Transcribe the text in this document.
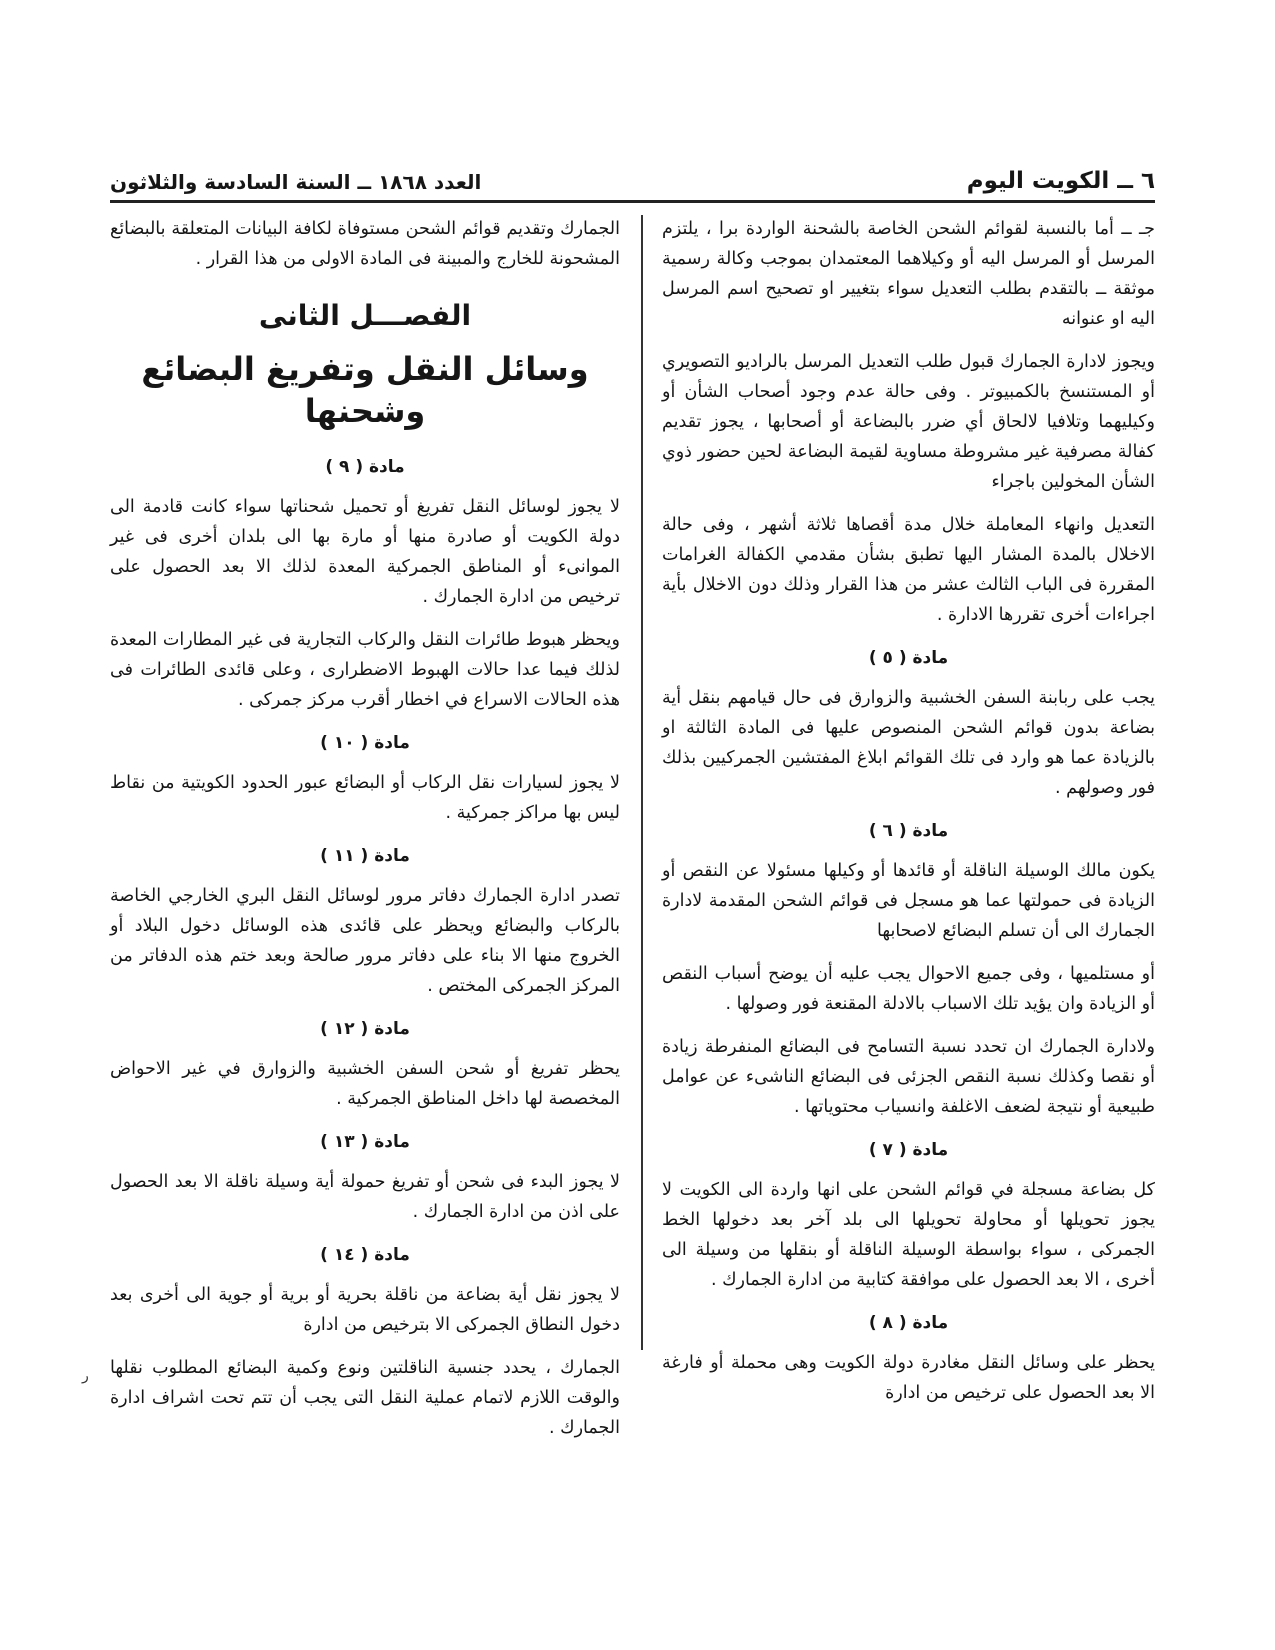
٦ ــ الكويت اليوم
العدد ١٨٦٨ ــ السنة السادسة والثلاثون

جـ ــ أما بالنسبة لقوائم الشحن الخاصة بالشحنة الواردة برا ، يلتزم المرسل أو المرسل اليه أو وكيلاهما المعتمدان بموجب وكالة رسمية موثقة ــ بالتقدم بطلب التعديل سواء بتغيير او تصحيح اسم المرسل اليه او عنوانه

ويجوز لادارة الجمارك قبول طلب التعديل المرسل بالراديو التصويري أو المستنسخ بالكمبيوتر . وفى حالة عدم وجود أصحاب الشأن أو وكيليهما وتلافيا لالحاق أي ضرر بالبضاعة أو أصحابها ، يجوز تقديم كفالة مصرفية غير مشروطة مساوية لقيمة البضاعة لحين حضور ذوي الشأن المخولين باجراء

التعديل وانهاء المعاملة خلال مدة أقصاها ثلاثة أشهر ، وفى حالة الاخلال بالمدة المشار اليها تطبق بشأن مقدمي الكفالة الغرامات المقررة فى الباب الثالث عشر من هذا القرار وذلك دون الاخلال بأية اجراءات أخرى تقررها الادارة .

مادة ( ٥ )

يجب على ربابنة السفن الخشبية والزوارق فى حال قيامهم بنقل أية بضاعة بدون قوائم الشحن المنصوص عليها فى المادة الثالثة او بالزيادة عما هو وارد فى تلك القوائم ابلاغ المفتشين الجمركيين بذلك فور وصولهم .

مادة ( ٦ )

يكون مالك الوسيلة الناقلة أو قائدها أو وكيلها مسئولا عن النقص أو الزيادة فى حمولتها عما هو مسجل فى قوائم الشحن المقدمة لادارة الجمارك الى أن تسلم البضائع لاصحابها

أو مستلميها ، وفى جميع الاحوال يجب عليه أن يوضح أسباب النقص أو الزيادة وان يؤيد تلك الاسباب بالادلة المقنعة فور وصولها .

ولادارة الجمارك ان تحدد نسبة التسامح فى البضائع المنفرطة زيادة أو نقصا وكذلك نسبة النقص الجزئى فى البضائع الناشىء عن عوامل طبيعية أو نتيجة لضعف الاغلفة وانسياب محتوياتها .

مادة ( ٧ )

كل بضاعة مسجلة في قوائم الشحن على انها واردة الى الكويت لا يجوز تحويلها أو محاولة تحويلها الى بلد آخر بعد دخولها الخط الجمركى ، سواء بواسطة الوسيلة الناقلة أو بنقلها من وسيلة الى أخرى ، الا بعد الحصول على موافقة كتابية من ادارة الجمارك .

مادة ( ٨ )

يحظر على وسائل النقل مغادرة دولة الكويت وهى محملة أو فارغة الا بعد الحصول على ترخيص من ادارة

الجمارك وتقديم قوائم الشحن مستوفاة لكافة البيانات المتعلقة بالبضائع المشحونة للخارج والمبينة فى المادة الاولى من هذا القرار .

الفصـــل الثانى
وسائل النقل وتفريغ البضائع وشحنها
مادة ( ٩ )

لا يجوز لوسائل النقل تفريغ أو تحميل شحناتها سواء كانت قادمة الى دولة الكويت أو صادرة منها أو مارة بها الى بلدان أخرى فى غير الموانىء أو المناطق الجمركية المعدة لذلك الا بعد الحصول على ترخيص من ادارة الجمارك .

ويحظر هبوط طائرات النقل والركاب التجارية فى غير المطارات المعدة لذلك فيما عدا حالات الهبوط الاضطرارى ، وعلى قائدى الطائرات فى هذه الحالات الاسراع في اخطار أقرب مركز جمركى .

مادة ( ١٠ )

لا يجوز لسيارات نقل الركاب أو البضائع عبور الحدود الكويتية من نقاط ليس بها مراكز جمركية .

مادة ( ١١ )

تصدر ادارة الجمارك دفاتر مرور لوسائل النقل البري الخارجي الخاصة بالركاب والبضائع ويحظر على قائدى هذه الوسائل دخول البلاد أو الخروج منها الا بناء على دفاتر مرور صالحة وبعد ختم هذه الدفاتر من المركز الجمركى المختص .

مادة ( ١٢ )

يحظر تفريغ أو شحن السفن الخشبية والزوارق في غير الاحواض المخصصة لها داخل المناطق الجمركية .

مادة ( ١٣ )

لا يجوز البدء فى شحن أو تفريغ حمولة أية وسيلة ناقلة الا بعد الحصول على اذن من ادارة الجمارك .

مادة ( ١٤ )

لا يجوز نقل أية بضاعة من ناقلة بحرية أو برية أو جوية الى أخرى بعد دخول النطاق الجمركى الا بترخيص من ادارة

الجمارك ، يحدد جنسية الناقلتين ونوع وكمية البضائع المطلوب نقلها والوقت اللازم لاتمام عملية النقل التى يجب أن تتم تحت اشراف ادارة الجمارك .

ر
